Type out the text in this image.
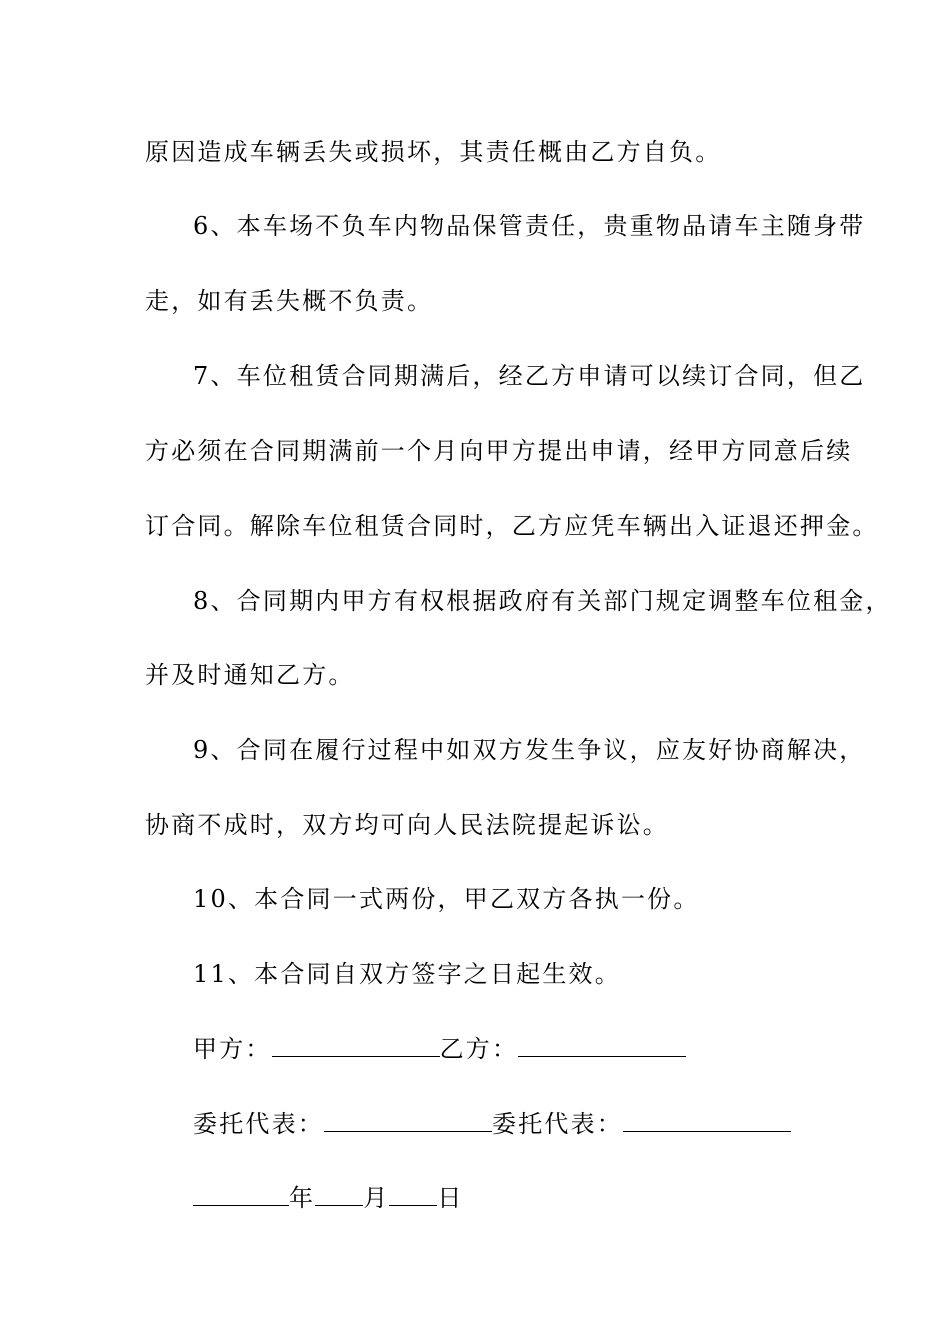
原因造成车辆丢失或损坏，其责任概由乙方自负。
6、本车场不负车内物品保管责任，贵重物品请车主随身带
走，如有丢失概不负责。
7、车位租赁合同期满后，经乙方申请可以续订合同，但乙
方必须在合同期满前一个月向甲方提出申请，经甲方同意后续
订合同。解除车位租赁合同时，乙方应凭车辆出入证退还押金。
8、合同期内甲方有权根据政府有关部门规定调整车位租金，
并及时通知乙方。
9、合同在履行过程中如双方发生争议，应友好协商解决，
协商不成时，双方均可向人民法院提起诉讼。
10、本合同一式两份，甲乙双方各执一份。
11、本合同自双方签字之日起生效。
甲方：	乙方：
委托代表：	委托代表：
年 月 日
